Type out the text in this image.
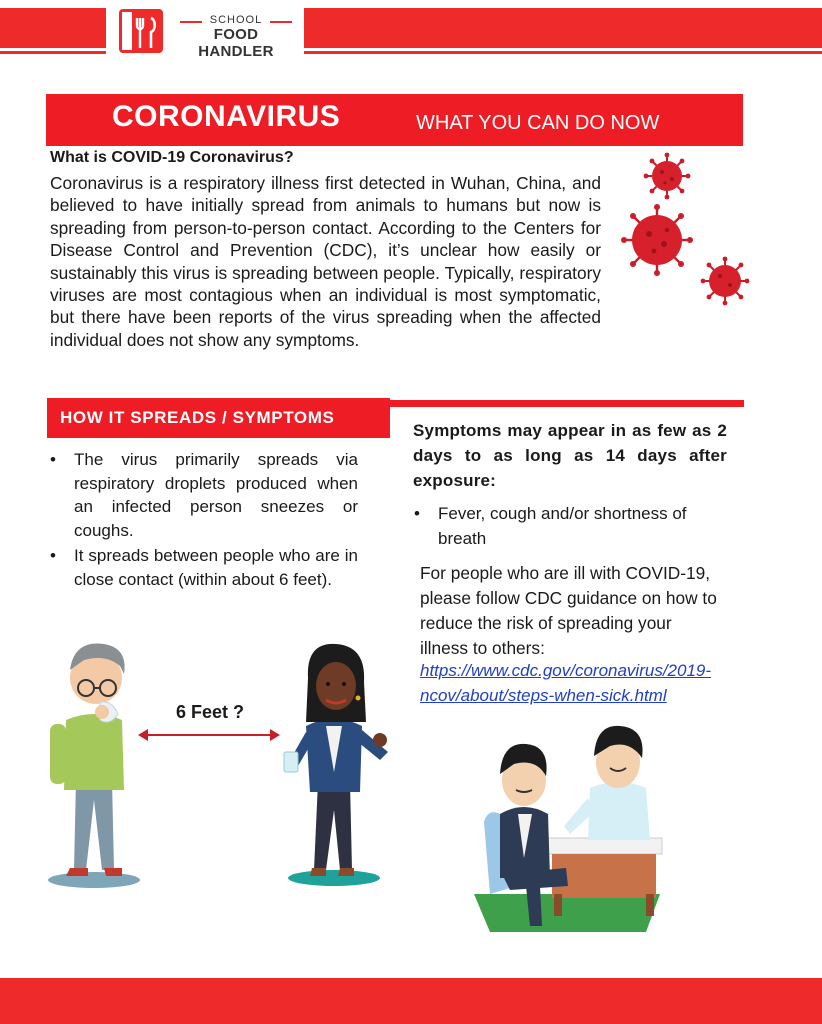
SCHOOL
FOOD HANDLER
CORONAVIRUS	WHAT YOU CAN DO NOW
What is COVID-19 Coronavirus?
Coronavirus is a respiratory illness first detected in Wuhan, China, and believed to have initially spread from animals to humans but now is spreading from person-to-person contact. According to the Centers for Disease Control and Prevention (CDC), it’s unclear how easily or sustainably this virus is spreading between people. Typically, respiratory viruses are most contagious when an individual is most symptomatic, but there have been reports of the virus spreading when the affected individual does not show any symptoms.
HOW IT SPREADS / SYMPTOMS
• The virus primarily spreads via respiratory droplets produced when an infected person sneezes or coughs.
• It spreads between people who are in close contact (within about 6 feet).
Symptoms may appear in as few as 2 days to as long as 14 days after exposure:
• Fever, cough and/or shortness of breath
For people who are ill with COVID-19, please follow CDC guidance on how to reduce the risk of spreading your illness to others:
https://www.cdc.gov/coronavirus/2019-ncov/about/steps-when-sick.html
6 Feet ?
